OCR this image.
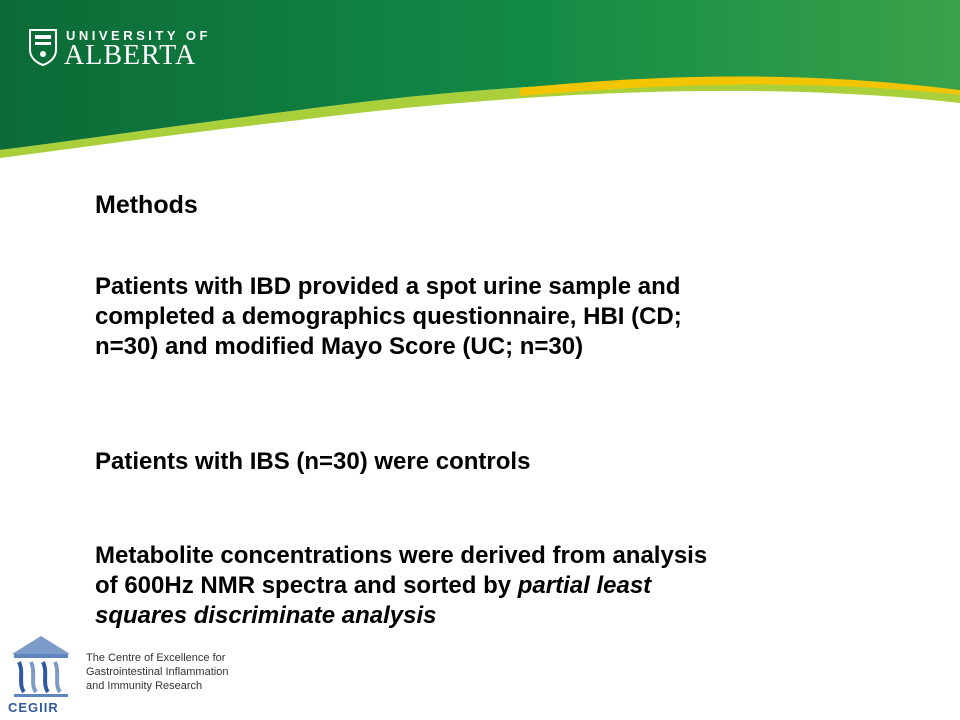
UNIVERSITY OF
ALBERTA
Methods
Patients with IBD provided a spot urine sample and
completed a demographics questionnaire, HBI (CD;
n=30) and modified Mayo Score (UC; n=30)
Patients with IBS (n=30) were controls
Metabolite concentrations were derived from analysis
of 600Hz NMR spectra and sorted by partial least
squares discriminate analysis
The Centre of Excellence for
Gastrointestinal Inflammation
and Immunity Research
CEGIIR
